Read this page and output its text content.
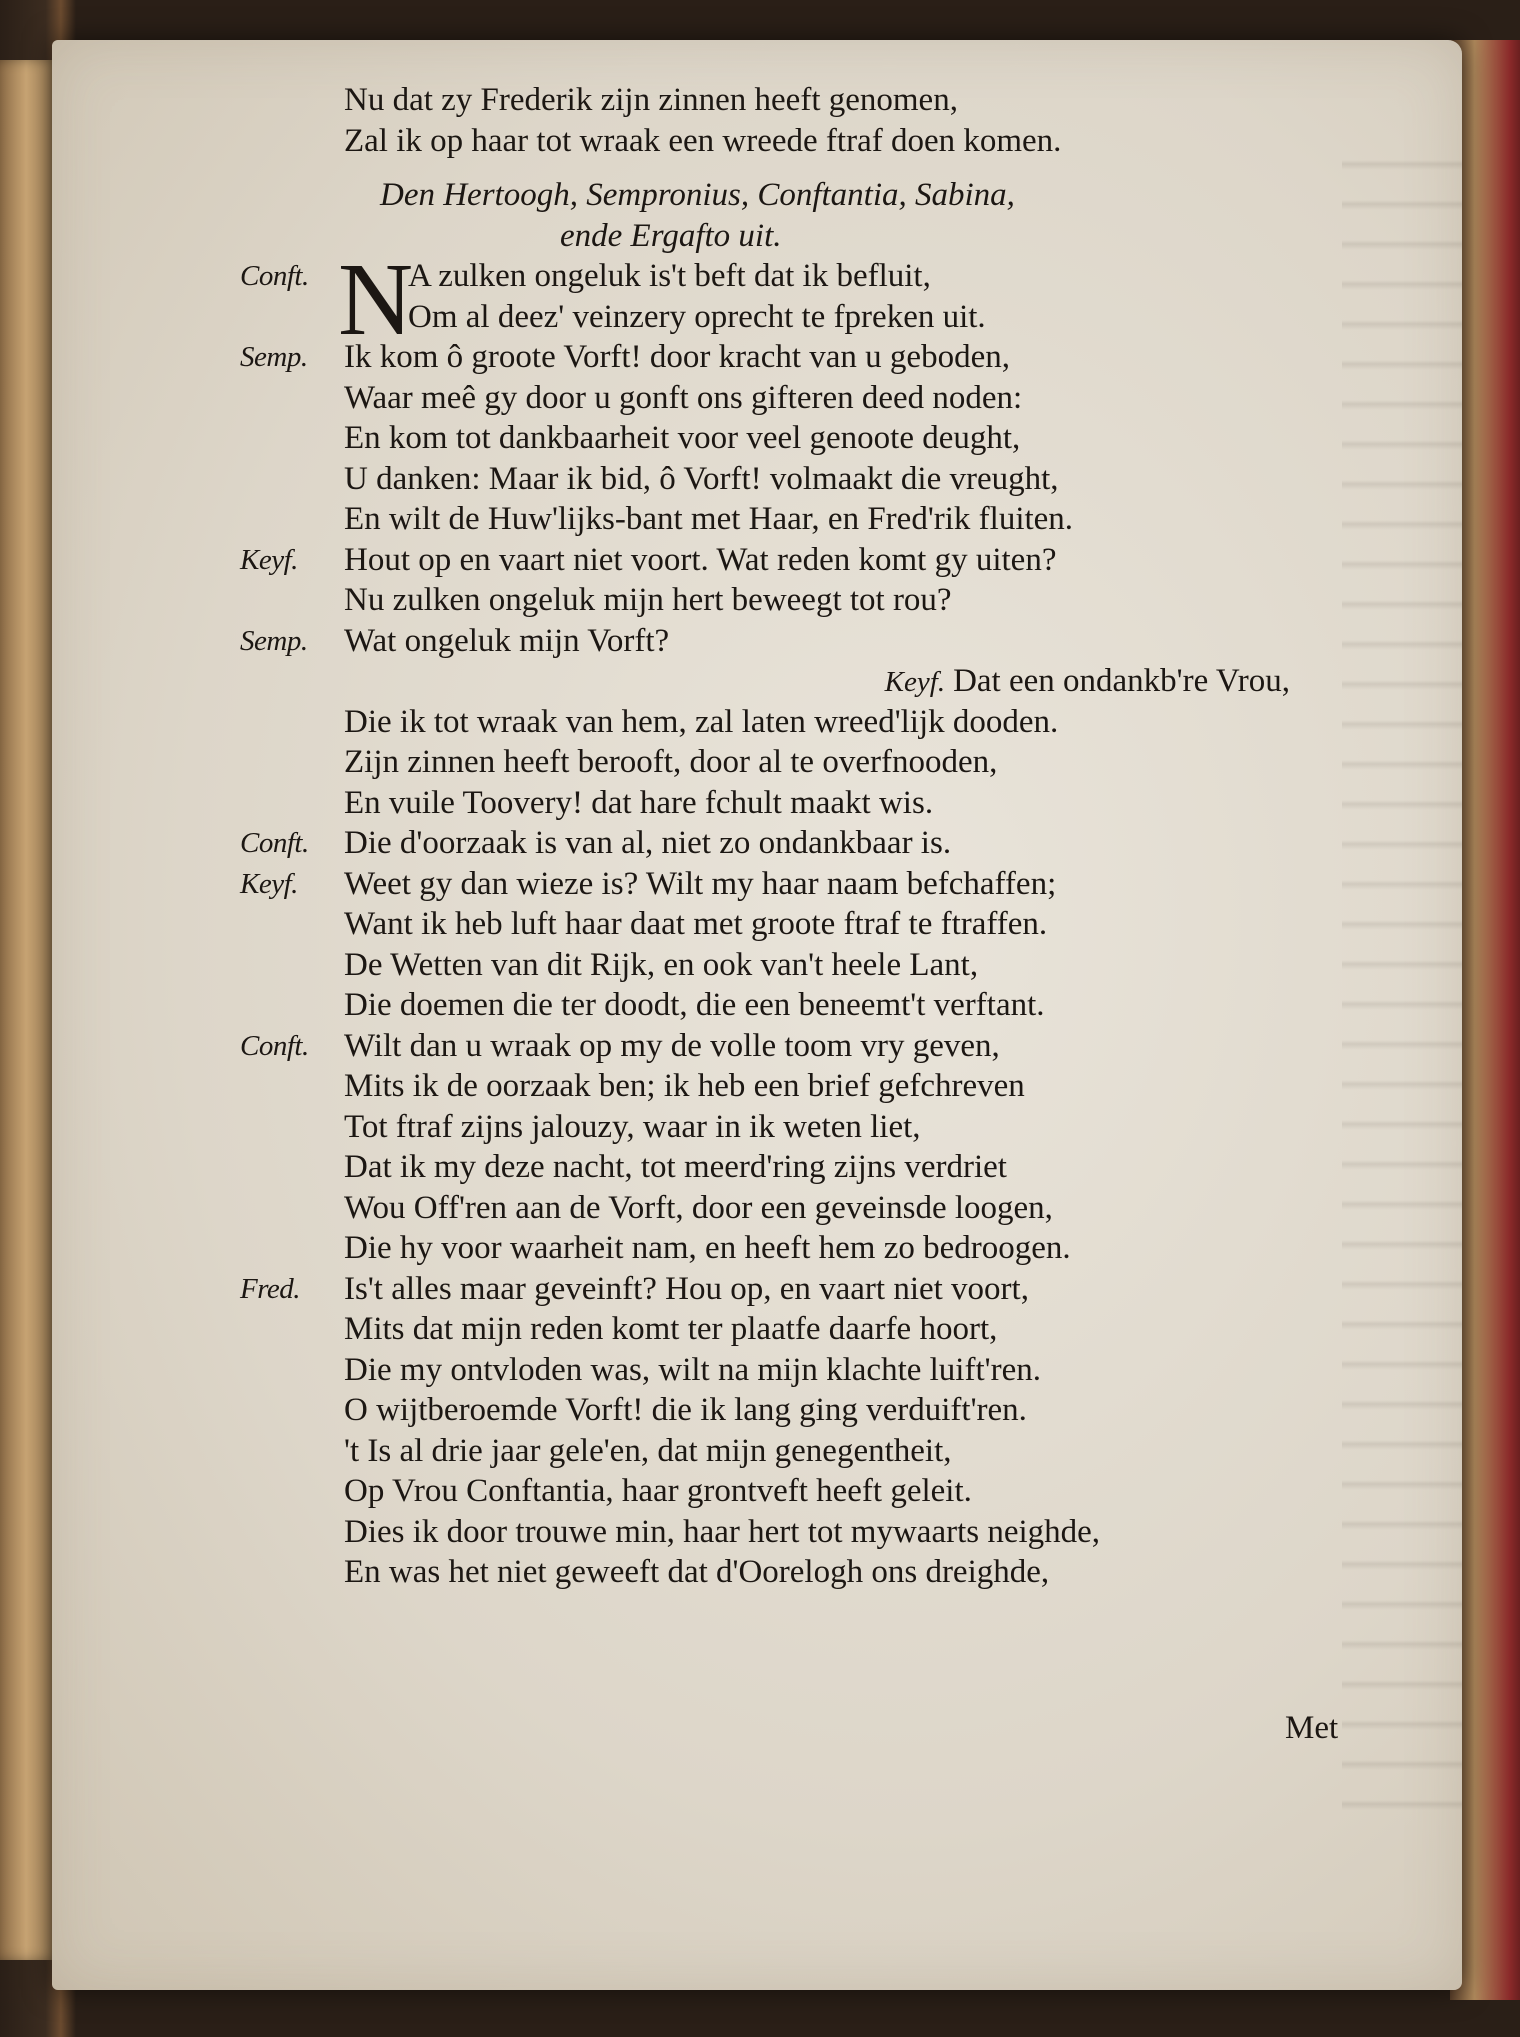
Nu dat zy Frederik zijn zinnen heeft genomen,
Zal ik op haar tot wraak een wreede ftraf doen komen.
Den Hertoogh, Sempronius, Conftantia, Sabina,
ende Ergafto uit.
Conft. N
A zulken ongeluk is't beft dat ik befluit,
Om al deez' veinzery oprecht te fpreken uit.
Semp. Ik kom ô groote Vorft! door kracht van u geboden,
Waar meê gy door u gonft ons gifteren deed noden:
En kom tot dankbaarheit voor veel genoote deught,
U danken: Maar ik bid, ô Vorft! volmaakt die vreught,
En wilt de Huw'lijks-bant met Haar, en Fred'rik fluiten.
Keyf. Hout op en vaart niet voort. Wat reden komt gy uiten?
Nu zulken ongeluk mijn hert beweegt tot rou?
Semp. Wat ongeluk mijn Vorft?
Keyf. Dat een ondankb're Vrou,
Die ik tot wraak van hem, zal laten wreed'lijk dooden.
Zijn zinnen heeft berooft, door al te overfnooden,
En vuile Toovery! dat hare fchult maakt wis.
Conft. Die d'oorzaak is van al, niet zo ondankbaar is.
Keyf. Weet gy dan wieze is? Wilt my haar naam befchaffen;
Want ik heb luft haar daat met groote ftraf te ftraffen.
De Wetten van dit Rijk, en ook van't heele Lant,
Die doemen die ter doodt, die een beneemt't verftant.
Conft. Wilt dan u wraak op my de volle toom vry geven,
Mits ik de oorzaak ben; ik heb een brief gefchreven
Tot ftraf zijns jalouzy, waar in ik weten liet,
Dat ik my deze nacht, tot meerd'ring zijns verdriet
Wou Off'ren aan de Vorft, door een geveinsde loogen,
Die hy voor waarheit nam, en heeft hem zo bedroogen.
Fred. Is't alles maar geveinft? Hou op, en vaart niet voort,
Mits dat mijn reden komt ter plaatfe daarfe hoort,
Die my ontvloden was, wilt na mijn klachte luift'ren.
O wijtberoemde Vorft! die ik lang ging verduift'ren.
't Is al drie jaar gele'en, dat mijn genegentheit,
Op Vrou Conftantia, haar grontveft heeft geleit.
Dies ik door trouwe min, haar hert tot mywaarts neighde,
En was het niet geweeft dat d'Oorelogh ons dreighde,
Met
